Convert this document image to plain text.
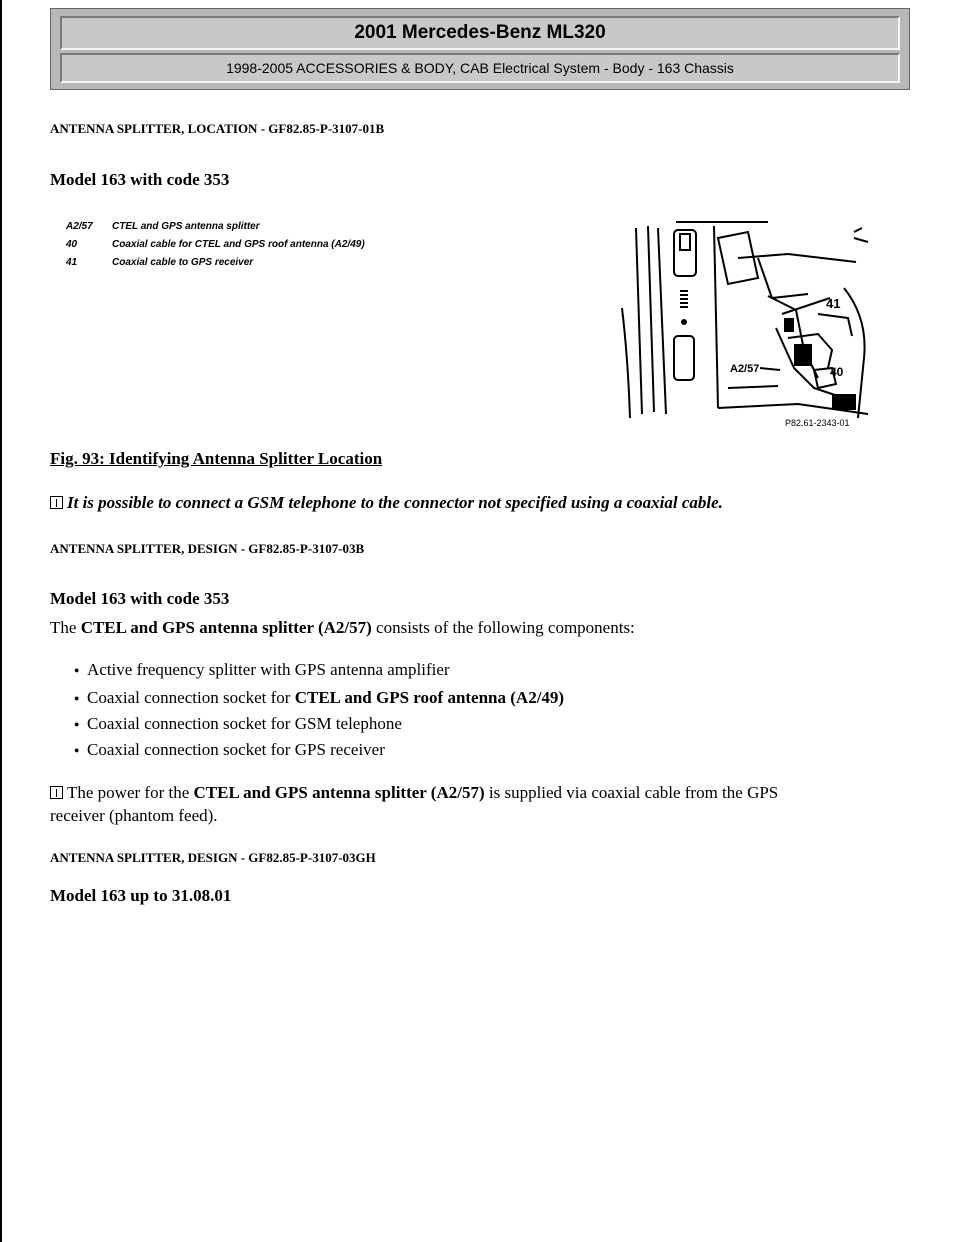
2001 Mercedes-Benz ML320
1998-2005 ACCESSORIES & BODY, CAB Electrical System - Body - 163 Chassis
ANTENNA SPLITTER, LOCATION - GF82.85-P-3107-01B
Model 163 with code 353
A2/57 CTEL and GPS antenna splitter
40	Coaxial cable for CTEL and GPS roof antenna (A2/49)
41	Coaxial cable to GPS receiver
41
A2/57	40
P82.61-2343-01
Fig. 93: Identifying Antenna Splitter Location
It is possible to connect a GSM telephone to the connector not specified using a coaxial cable.
ANTENNA SPLITTER, DESIGN - GF82.85-P-3107-03B
Model 163 with code 353
The CTEL and GPS antenna splitter (A2/57) consists of the following components:
● Active frequency splitter with GPS antenna amplifier
● Coaxial connection socket for CTEL and GPS roof antenna (A2/49)
● Coaxial connection socket for GSM telephone
● Coaxial connection socket for GPS receiver
The power for the CTEL and GPS antenna splitter (A2/57) is supplied via coaxial cable from the GPS
receiver (phantom feed).
ANTENNA SPLITTER, DESIGN - GF82.85-P-3107-03GH
Model 163 up to 31.08.01
